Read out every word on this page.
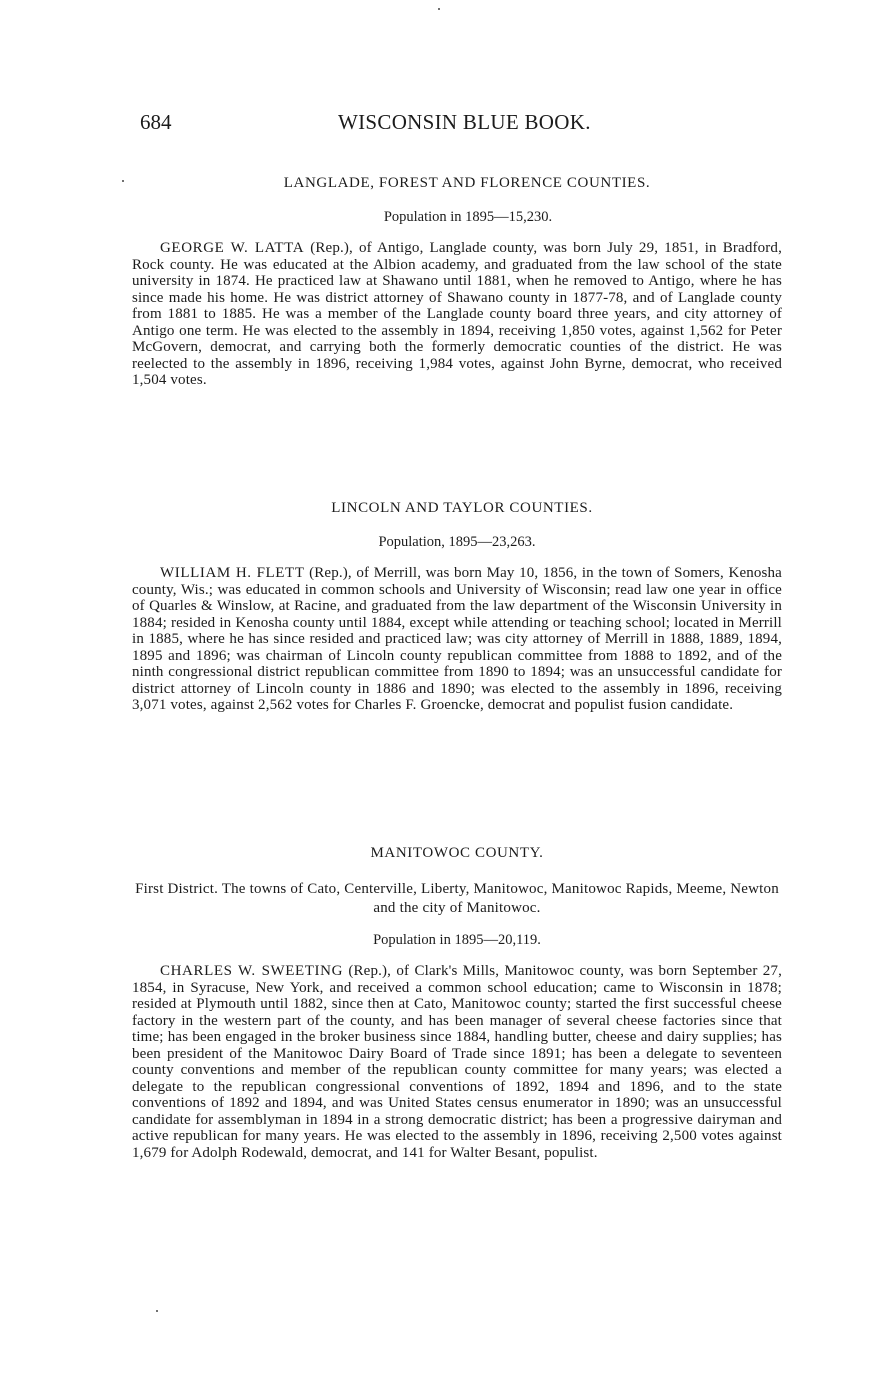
684	WISCONSIN BLUE BOOK.
LANGLADE, FOREST AND FLORENCE COUNTIES.

Population in 1895—15,230.

GEORGE W. LATTA (Rep.), of Antigo, Langlade county, was born July 29, 1851, in Bradford, Rock county. He was educated at the Albion academy, and graduated from the law school of the state university in 1874. He practiced law at Shawano until 1881, when he removed to Antigo, where he has since made his home. He was district attorney of Shawano county in 1877-78, and of Langlade county from 1881 to 1885. He was a member of the Langlade county board three years, and city attorney of Antigo one term. He was elected to the assembly in 1894, receiving 1,850 votes, against 1,562 for Peter McGovern, democrat, and carrying both the formerly democratic counties of the district. He was reelected to the assembly in 1896, receiving 1,984 votes, against John Byrne, democrat, who received 1,504 votes.

LINCOLN AND TAYLOR COUNTIES.

Population, 1895—23,263.

WILLIAM H. FLETT (Rep.), of Merrill, was born May 10, 1856, in the town of Somers, Kenosha county, Wis.; was educated in common schools and University of Wisconsin; read law one year in office of Quarles & Winslow, at Racine, and graduated from the law department of the Wisconsin University in 1884; resided in Kenosha county until 1884, except while attending or teaching school; located in Merrill in 1885, where he has since resided and practiced law; was city attorney of Merrill in 1888, 1889, 1894, 1895 and 1896; was chairman of Lincoln county republican committee from 1888 to 1892, and of the ninth congressional district republican committee from 1890 to 1894; was an unsuccessful candidate for district attorney of Lincoln county in 1886 and 1890; was elected to the assembly in 1896, receiving 3,071 votes, against 2,562 votes for Charles F. Groencke, democrat and populist fusion candidate.

MANITOWOC COUNTY.

First District. The towns of Cato, Centerville, Liberty, Manitowoc, Manitowoc Rapids, Meeme, Newton and the city of Manitowoc.

Population in 1895—20,119.

CHARLES W. SWEETING (Rep.), of Clark's Mills, Manitowoc county, was born September 27, 1854, in Syracuse, New York, and received a common school education; came to Wisconsin in 1878; resided at Plymouth until 1882, since then at Cato, Manitowoc county; started the first successful cheese factory in the western part of the county, and has been manager of several cheese factories since that time; has been engaged in the broker business since 1884, handling butter, cheese and dairy supplies; has been president of the Manitowoc Dairy Board of Trade since 1891; has been a delegate to seventeen county conventions and member of the republican county committee for many years; was elected a delegate to the republican congressional conventions of 1892, 1894 and 1896, and to the state conventions of 1892 and 1894, and was United States census enumerator in 1890; was an unsuccessful candidate for assemblyman in 1894 in a strong democratic district; has been a progressive dairyman and active republican for many years. He was elected to the assembly in 1896, receiving 2,500 votes against 1,679 for Adolph Rodewald, democrat, and 141 for Walter Besant, populist.
